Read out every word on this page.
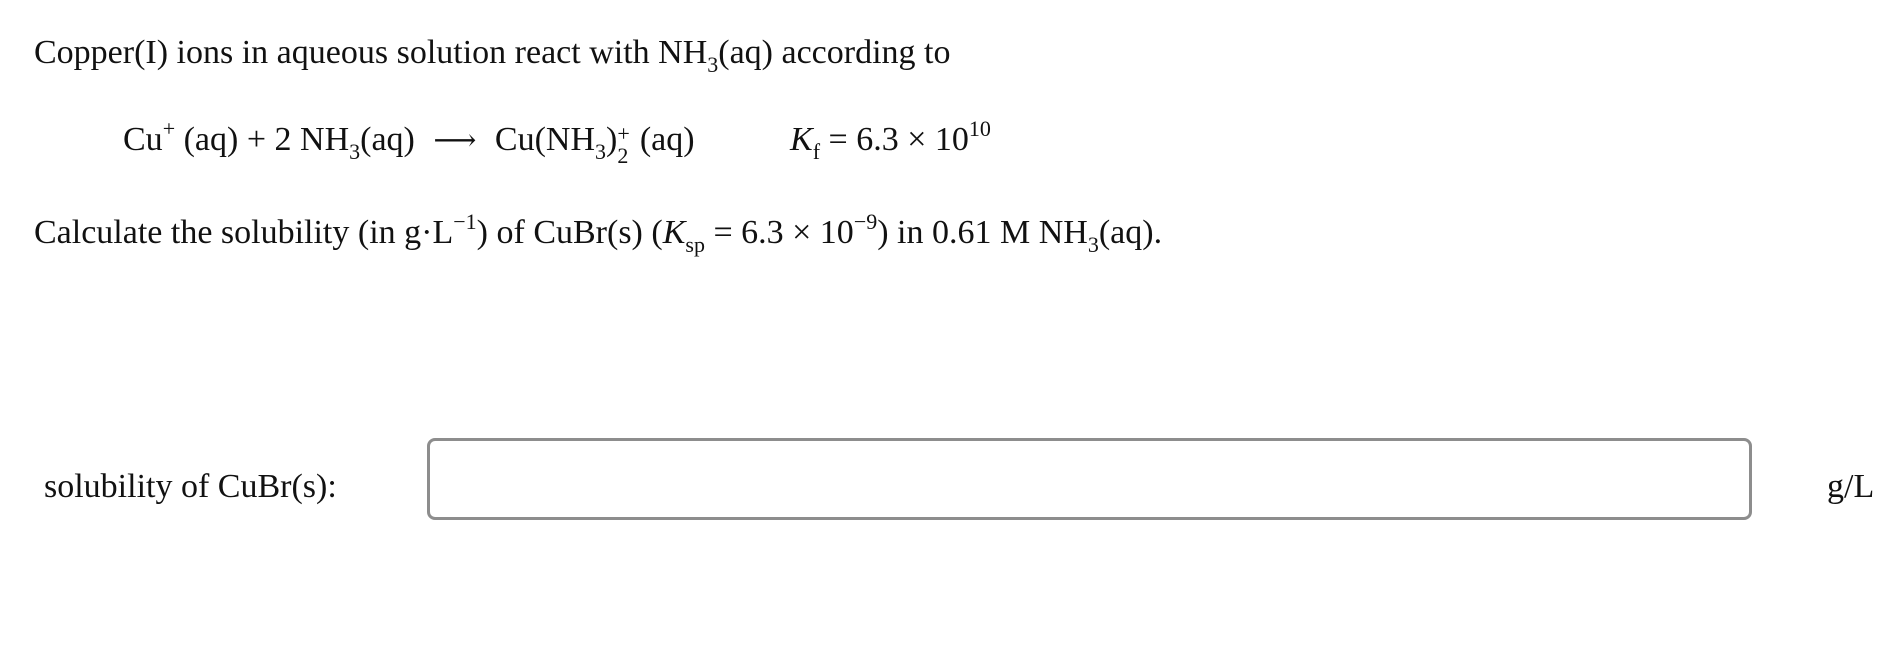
Copper(I) ions in aqueous solution react with $NH_3(aq)$ according to
Cu+ (aq) + 2 $NH_3(aq)$ ⟶ $Cu(NH_3)$ +
2 (aq)	$K_f = 6.3 \times 10^{10}$
Calculate the solubility (in $g\cdot L^{-1}$) of CuBr(s) $(K_{sp} = 6.3 \times 10^{-9})$ in 0.61 M $NH_3(aq)$.
solubility of CuBr(s):	g/L
